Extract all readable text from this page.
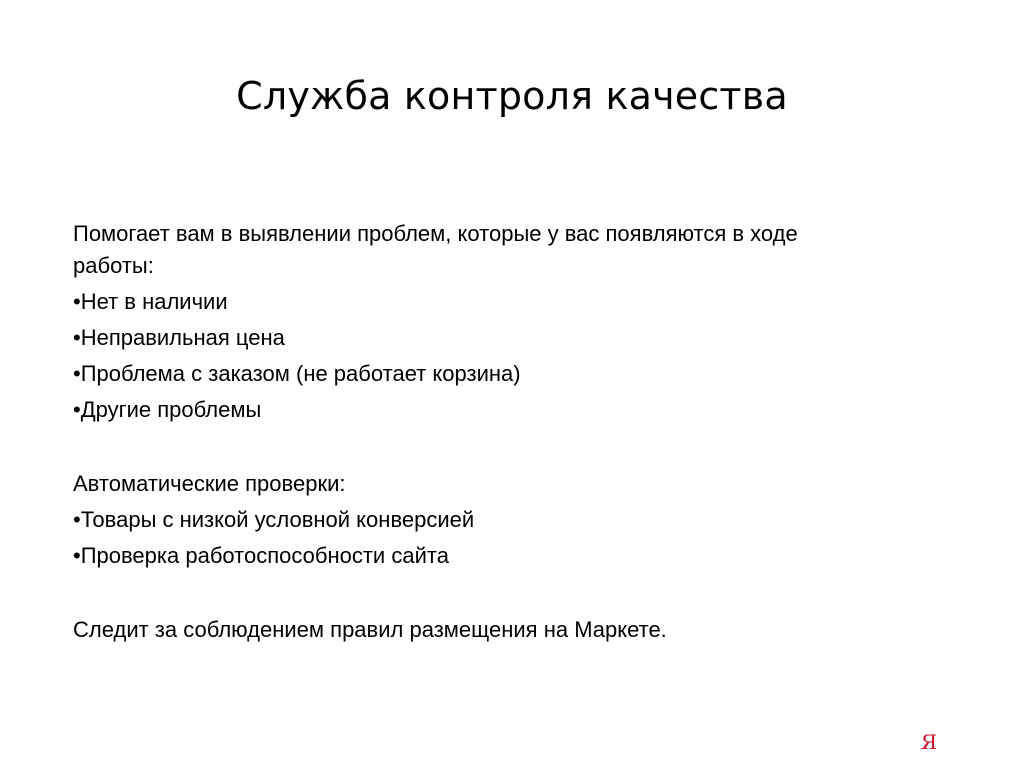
Служба контроля качества
Помогает вам в выявлении проблем, которые у вас появляются в ходе работы:
•Нет в наличии
•Неправильная цена
•Проблема с заказом (не работает корзина)
•Другие проблемы
Автоматические проверки:
•Товары с низкой условной конверсией
•Проверка работоспособности сайта
Следит за соблюдением правил размещения на Маркете.
Я
